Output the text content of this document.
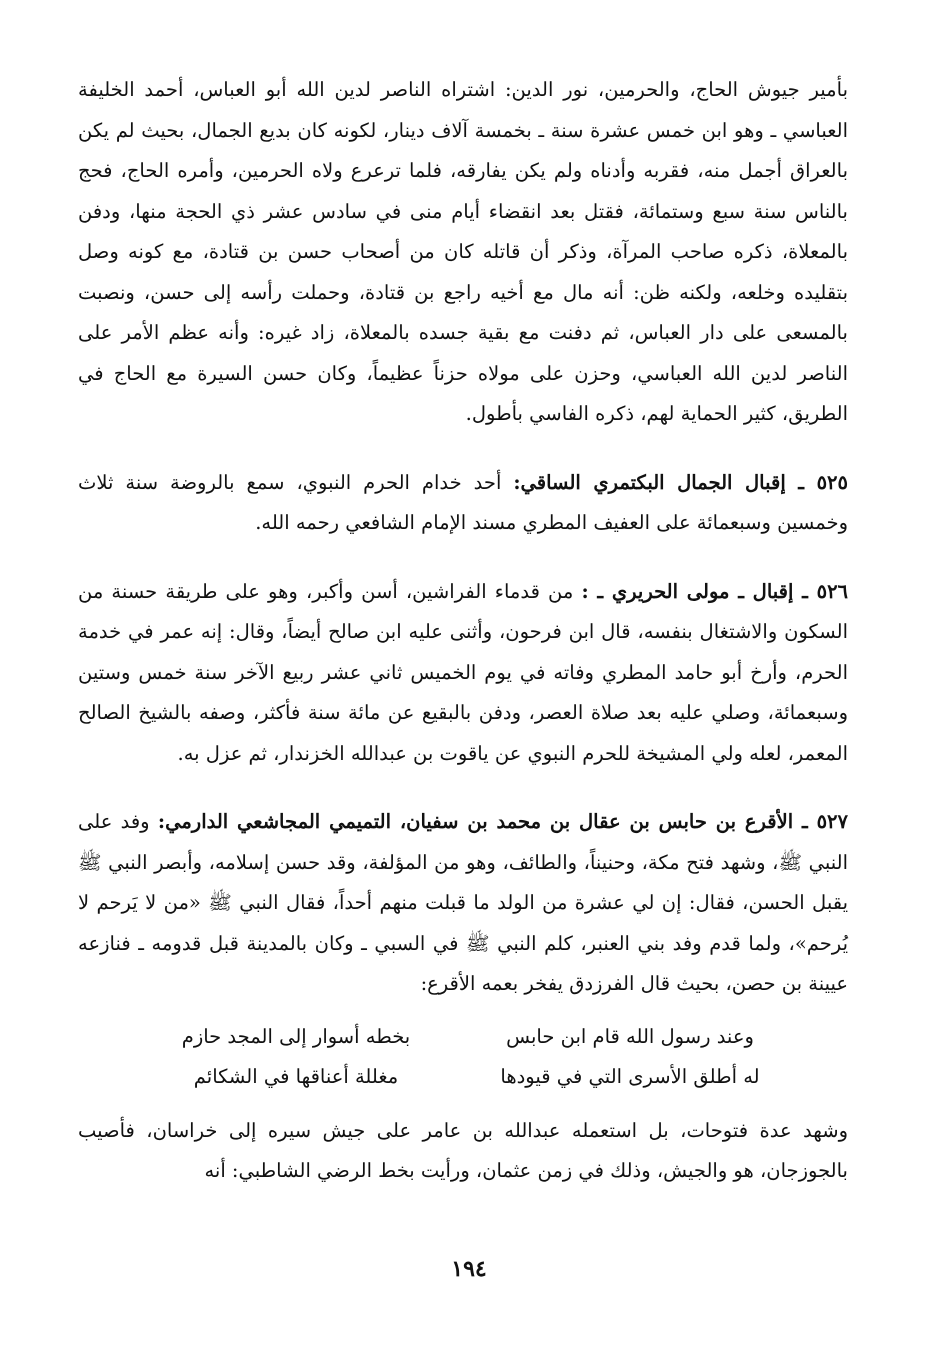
بأمير جيوش الحاج، والحرمين، نور الدين: اشتراه الناصر لدين الله أبو العباس، أحمد الخليفة العباسي ـ وهو ابن خمس عشرة سنة ـ بخمسة آلاف دينار، لكونه كان بديع الجمال، بحيث لم يكن بالعراق أجمل منه، فقربه وأدناه ولم يكن يفارقه، فلما ترعرع ولاه الحرمين، وأمره الحاج، فحج بالناس سنة سبع وستمائة، فقتل بعد انقضاء أيام منى في سادس عشر ذي الحجة منها، ودفن بالمعلاة، ذكره صاحب المرآة، وذكر أن قاتله كان من أصحاب حسن بن قتادة، مع كونه وصل بتقليده وخلعه، ولكنه ظن: أنه مال مع أخيه راجع بن قتادة، وحملت رأسه إلى حسن، ونصبت بالمسعى على دار العباس، ثم دفنت مع بقية جسده بالمعلاة، زاد غيره: وأنه عظم الأمر على الناصر لدين الله العباسي، وحزن على مولاه حزناً عظيماً، وكان حسن السيرة مع الحاج في الطريق، كثير الحماية لهم، ذكره الفاسي بأطول.

٥٢٥ ـ إقبال الجمال البكتمري الساقي: أحد خدام الحرم النبوي، سمع بالروضة سنة ثلاث وخمسين وسبعمائة على العفيف المطري مسند الإمام الشافعي رحمه الله.

٥٢٦ ـ إقبال ـ مولى الحريري ـ : من قدماء الفراشين، أسن وأكبر، وهو على طريقة حسنة من السكون والاشتغال بنفسه، قال ابن فرحون، وأثنى عليه ابن صالح أيضاً، وقال: إنه عمر في خدمة الحرم، وأرخ أبو حامد المطري وفاته في يوم الخميس ثاني عشر ربيع الآخر سنة خمس وستين وسبعمائة، وصلي عليه بعد صلاة العصر، ودفن بالبقيع عن مائة سنة فأكثر، وصفه بالشيخ الصالح المعمر، لعله ولي المشيخة للحرم النبوي عن ياقوت بن عبدالله الخزندار، ثم عزل به.

٥٢٧ ـ الأقرع بن حابس بن عقال بن محمد بن سفيان، التميمي المجاشعي الدارمي: وفد على النبي ﷺ، وشهد فتح مكة، وحنيناً، والطائف، وهو من المؤلفة، وقد حسن إسلامه، وأبصر النبي ﷺ يقبل الحسن، فقال: إن لي عشرة من الولد ما قبلت منهم أحداً، فقال النبي ﷺ «من لا يَرحم لا يُرحم»، ولما قدم وفد بني العنبر، كلم النبي ﷺ في السبي ـ وكان بالمدينة قبل قدومه ـ فنازعه عيينة بن حصن، بحيث قال الفرزدق يفخر بعمه الأقرع:

وعند رسول الله قام ابن حابس
بخطه أسوار إلى المجد حازم
له أطلق الأسرى التي في قيودها
مغللة أعناقها في الشكائم

وشهد عدة فتوحات، بل استعمله عبدالله بن عامر على جيش سيره إلى خراسان، فأصيب بالجوزجان، هو والجيش، وذلك في زمن عثمان، ورأيت بخط الرضي الشاطبي: أنه

١٩٤
